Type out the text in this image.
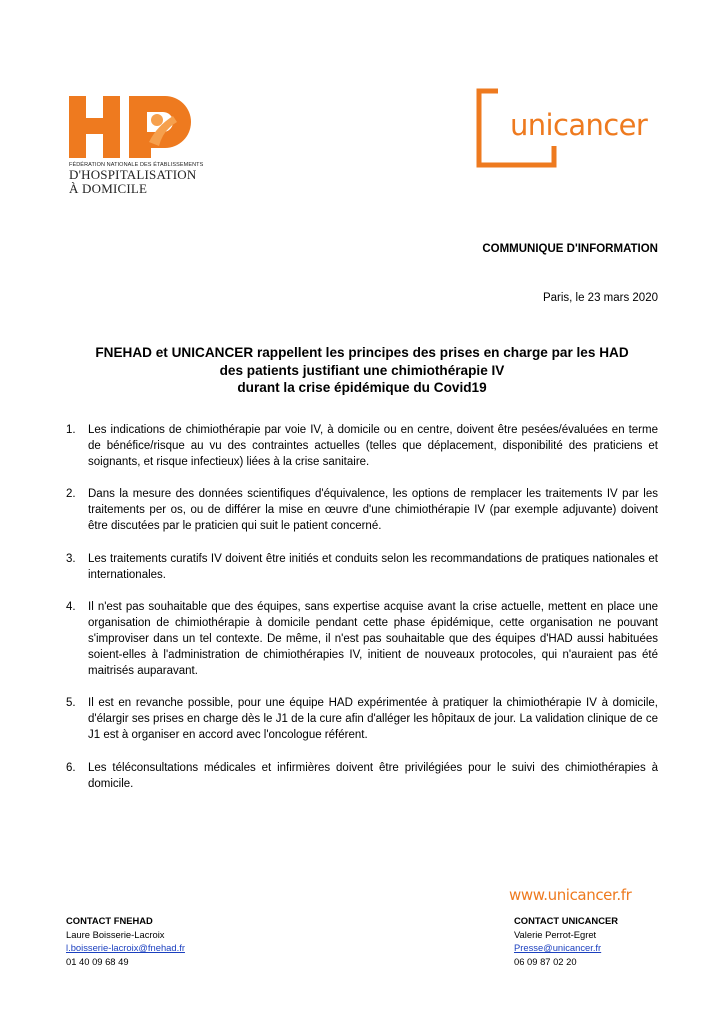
FÉDÉRATION NATIONALE DES ÉTABLISSEMENTS
D'HOSPITALISATION
À DOMICILE
unicancer
COMMUNIQUE D'INFORMATION
Paris, le 23 mars 2020
FNEHAD et UNICANCER rappellent les principes des prises en charge par les HAD
des patients justifiant une chimiothérapie IV
durant la crise épidémique du Covid19
1. Les indications de chimiothérapie par voie IV, à domicile ou en centre, doivent être pesées/évaluées en terme de bénéfice/risque au vu des contraintes actuelles (telles que déplacement, disponibilité des praticiens et soignants, et risque infectieux) liées à la crise sanitaire.
2. Dans la mesure des données scientifiques d'équivalence, les options de remplacer les traitements IV par les traitements per os, ou de différer la mise en œuvre d'une chimiothérapie IV (par exemple adjuvante) doivent être discutées par le praticien qui suit le patient concerné.
3. Les traitements curatifs IV doivent être initiés et conduits selon les recommandations de pratiques nationales et internationales.
4. Il n'est pas souhaitable que des équipes, sans expertise acquise avant la crise actuelle, mettent en place une organisation de chimiothérapie à domicile pendant cette phase épidémique, cette organisation ne pouvant s'improviser dans un tel contexte. De même, il n'est pas souhaitable que des équipes d'HAD aussi habituées soient-elles à l'administration de chimiothérapies IV, initient de nouveaux protocoles, qui n'auraient pas été maitrisés auparavant.
5. Il est en revanche possible, pour une équipe HAD expérimentée à pratiquer la chimiothérapie IV à domicile, d'élargir ses prises en charge dès le J1 de la cure afin d'alléger les hôpitaux de jour. La validation clinique de ce J1 est à organiser en accord avec l'oncologue référent.
6. Les téléconsultations médicales et infirmières doivent être privilégiées pour le suivi des chimiothérapies à domicile.
www.unicancer.fr
CONTACT FNEHAD
Laure Boisserie-Lacroix
l.boisserie-lacroix@fnehad.fr
01 40 09 68 49
CONTACT UNICANCER
Valerie Perrot-Egret
Presse@unicancer.fr
06 09 87 02 20
